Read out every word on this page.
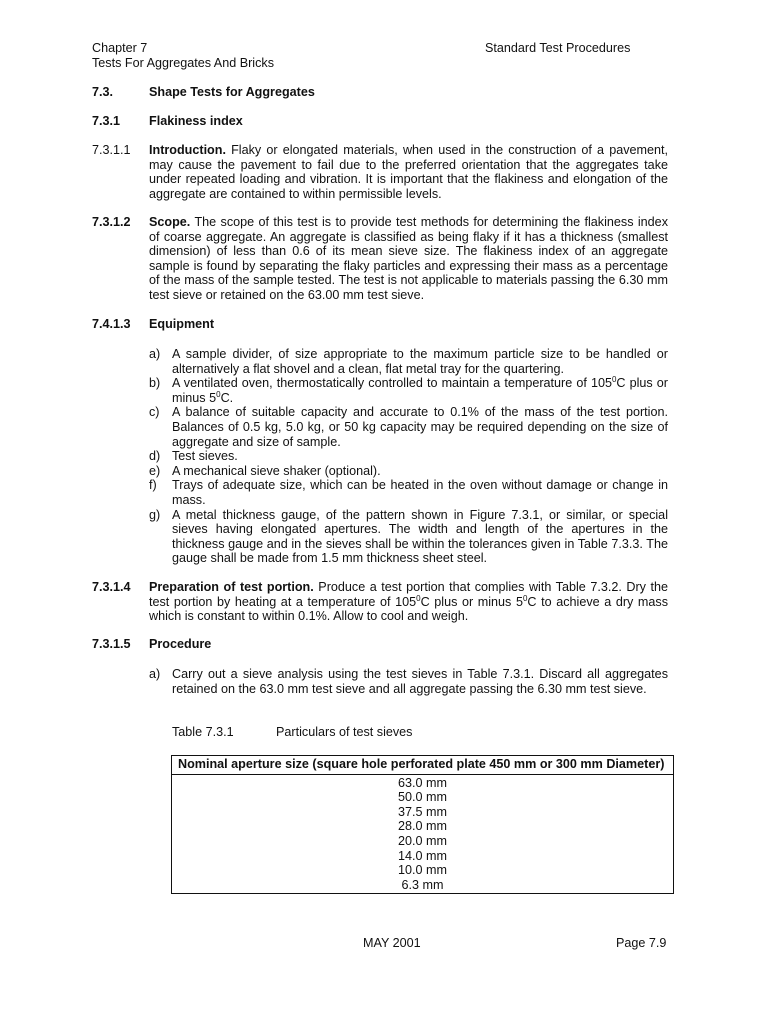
Chapter 7
Tests For Aggregates And Bricks
Standard Test Procedures
7.3.	Shape Tests for Aggregates
7.3.1 Flakiness index
7.3.1.1 Introduction. Flaky or elongated materials, when used in the construction of a pavement, may cause the pavement to fail due to the preferred orientation that the aggregates take under repeated loading and vibration. It is important that the flakiness and elongation of the aggregate are contained to within permissible levels.
7.3.1.2 Scope. The scope of this test is to provide test methods for determining the flakiness index of coarse aggregate. An aggregate is classified as being flaky if it has a thickness (smallest dimension) of less than 0.6 of its mean sieve size. The flakiness index of an aggregate sample is found by separating the flaky particles and expressing their mass as a percentage of the mass of the sample tested. The test is not applicable to materials passing the 6.30 mm test sieve or retained on the 63.00 mm test sieve.
7.4.1.3 Equipment
a) A sample divider, of size appropriate to the maximum particle size to be handled or alternatively a flat shovel and a clean, flat metal tray for the quartering.
b) A ventilated oven, thermostatically controlled to maintain a temperature of $105^0C$ plus or minus $5^0C$.
c) A balance of suitable capacity and accurate to 0.1% of the mass of the test portion. Balances of 0.5 kg, 5.0 kg, or 50 kg capacity may be required depending on the size of aggregate and size of sample.
d) Test sieves.
e) A mechanical sieve shaker (optional).
f) Trays of adequate size, which can be heated in the oven without damage or change in mass.
g) A metal thickness gauge, of the pattern shown in Figure 7.3.1, or similar, or special sieves having elongated apertures. The width and length of the apertures in the thickness gauge and in the sieves shall be within the tolerances given in Table 7.3.3. The gauge shall be made from 1.5 mm thickness sheet steel.
7.3.1.4 Preparation of test portion. Produce a test portion that complies with Table 7.3.2. Dry the test portion by heating at a temperature of $105^0C$ plus or minus $5^0C$ to achieve a dry mass which is constant to within 0.1%. Allow to cool and weigh.
7.3.1.5 Procedure
a) Carry out a sieve analysis using the test sieves in Table 7.3.1. Discard all aggregates retained on the 63.0 mm test sieve and all aggregate passing the 6.30 mm test sieve.
Table 7.3.1	Particulars of test sieves
Nominal aperture size (square hole perforated plate 450 mm or 300 mm Diameter)
63.0 mm
50.0 mm
37.5 mm
28.0 mm
20.0 mm
14.0 mm
10.0 mm
6.3 mm
MAY 2001	Page 7.9
